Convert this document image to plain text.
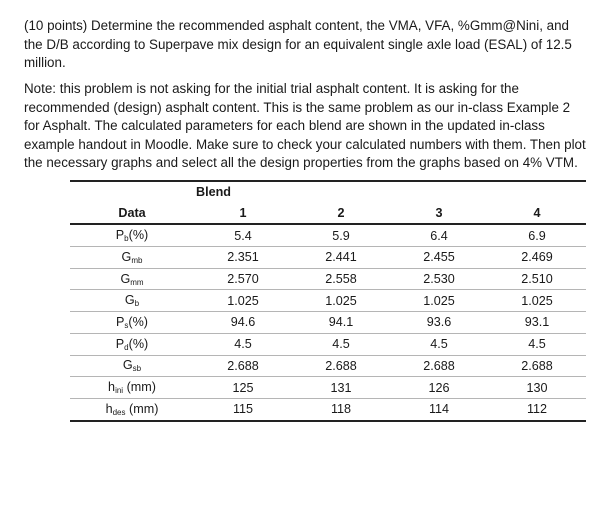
(10 points) Determine the recommended asphalt content, the VMA, VFA, %Gmm@Nini, and the D/B according to Superpave mix design for an equivalent single axle load (ESAL) of 12.5 million.

Note: this problem is not asking for the initial trial asphalt content. It is asking for the recommended (design) asphalt content. This is the same problem as our in-class Example 2 for Asphalt. The calculated parameters for each blend are shown in the updated in-class example handout in Moodle. Make sure to check your calculated numbers with them. Then plot the necessary graphs and select all the design properties from the graphs based on 4% VTM.

	Blend			
Data	1	2	3	4
$P_b(\%)$	5.4	5.9	6.4	6.9
$G_{mb}$	2.351	2.441	2.455	2.469
$G_{mm}$	2.570	2.558	2.530	2.510
$G_b$	1.025	1.025	1.025	1.025
$P_s(\%)$	94.6	94.1	93.6	93.1
$P_d(\%)$	4.5	4.5	4.5	4.5
$G_{sb}$	2.688	2.688	2.688	2.688
$h_{ini}$ (mm)	125	131	126	130
$h_{des}$ (mm)	115	118	114	112
